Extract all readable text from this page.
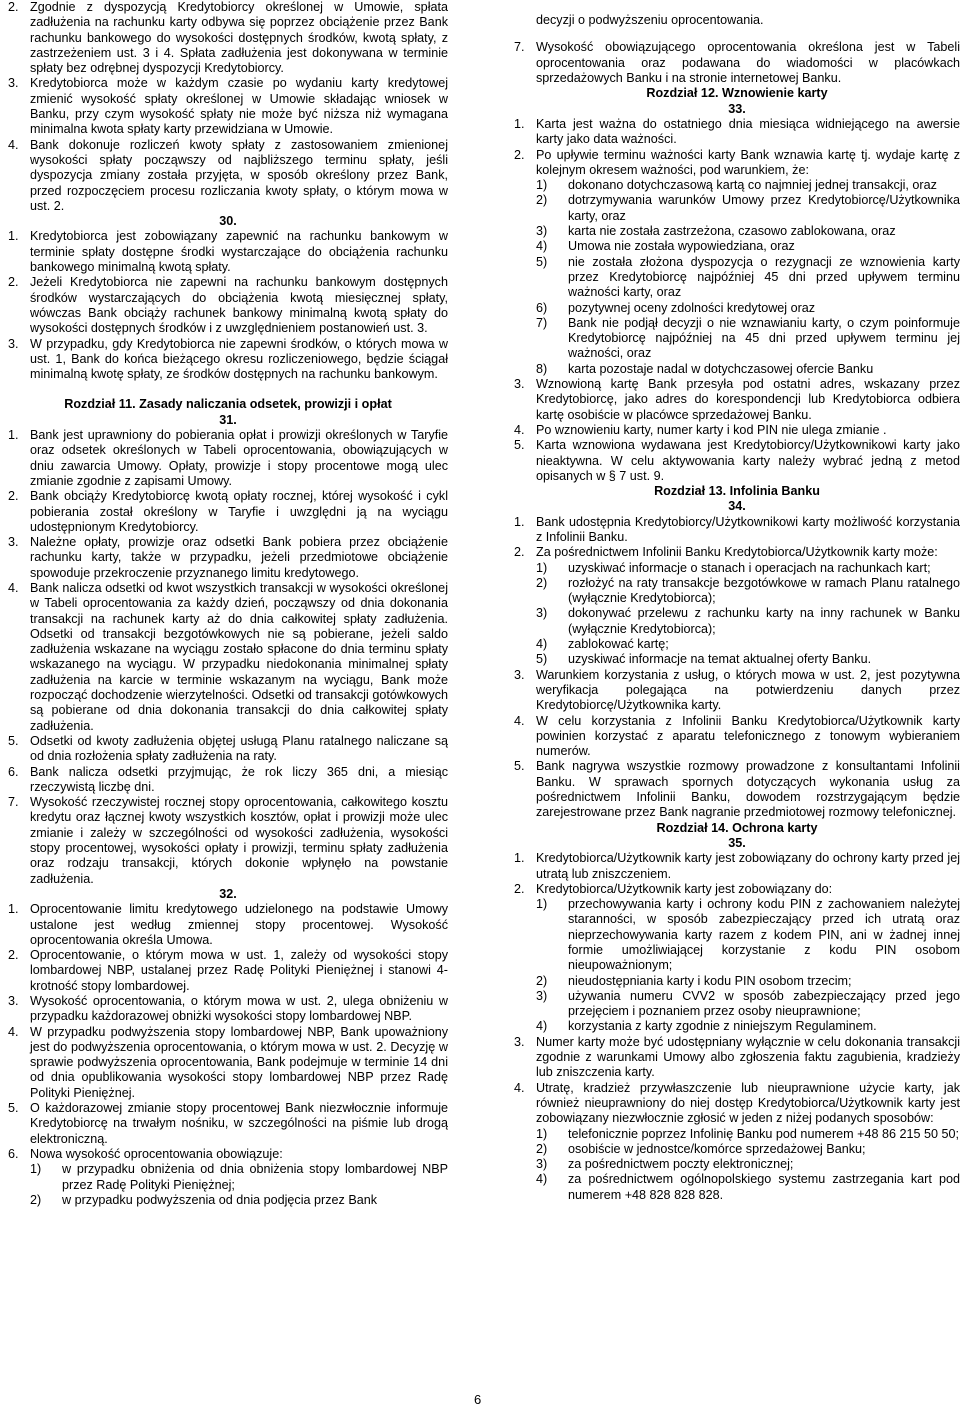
2. Zgodnie z dyspozycją Kredytobiorcy określonej w Umowie, spłata zadłużenia na rachunku karty odbywa się poprzez obciążenie przez Bank rachunku bankowego do wysokości dostępnych środków, kwotą spłaty, z zastrzeżeniem ust. 3 i 4. Spłata zadłużenia jest dokonywana w terminie spłaty bez odrębnej dyspozycji Kredytobiorcy.
3. Kredytobiorca może w każdym czasie po wydaniu karty kredytowej zmienić wysokość spłaty określonej w Umowie składając wniosek w Banku, przy czym wysokość spłaty nie może być niższa niż wymagana minimalna kwota spłaty karty przewidziana w Umowie.
4. Bank dokonuje rozliczeń kwoty spłaty z zastosowaniem zmienionej wysokości spłaty począwszy od najbliższego terminu spłaty, jeśli dyspozycja zmiany została przyjęta, w sposób określony przez Bank, przed rozpoczęciem procesu rozliczania kwoty spłaty, o którym mowa w ust. 2.

30.

1. Kredytobiorca jest zobowiązany zapewnić na rachunku bankowym w terminie spłaty dostępne środki wystarczające do obciążenia rachunku bankowego minimalną kwotą spłaty.
2. Jeżeli Kredytobiorca nie zapewni na rachunku bankowym dostępnych środków wystarczających do obciążenia kwotą miesięcznej spłaty, wówczas Bank obciąży rachunek bankowy minimalną kwotą spłaty do wysokości dostępnych środków i z uwzględnieniem postanowień ust. 3.
3. W przypadku, gdy Kredytobiorca nie zapewni środków, o których mowa w ust. 1, Bank do końca bieżącego okresu rozliczeniowego, będzie ściągał minimalną kwotę spłaty, ze środków dostępnych na rachunku bankowym.

Rozdział 11. Zasady naliczania odsetek, prowizji i opłat

31.

1. Bank jest uprawniony do pobierania opłat i prowizji określonych w Taryfie oraz odsetek określonych w Tabeli oprocentowania, obowiązujących w dniu zawarcia Umowy. Opłaty, prowizje i stopy procentowe mogą ulec zmianie zgodnie z zapisami Umowy.
2. Bank obciąży Kredytobiorcę kwotą opłaty rocznej, której wysokość i cykl pobierania został określony w Taryfie i uwzględni ją na wyciągu udostępnionym Kredytobiorcy.
3. Należne opłaty, prowizje oraz odsetki Bank pobiera przez obciążenie rachunku karty, także w przypadku, jeżeli przedmiotowe obciążenie spowoduje przekroczenie przyznanego limitu kredytowego.
4. Bank nalicza odsetki od kwot wszystkich transakcji w wysokości określonej w Tabeli oprocentowania za każdy dzień, począwszy od dnia dokonania transakcji na rachunek karty aż do dnia całkowitej spłaty zadłużenia. Odsetki od transakcji bezgotówkowych nie są pobierane, jeżeli saldo zadłużenia wskazane na wyciągu zostało spłacone do dnia terminu spłaty wskazanego na wyciągu. W przypadku niedokonania minimalnej spłaty zadłużenia na karcie w terminie wskazanym na wyciągu, Bank może rozpocząć dochodzenie wierzytelności. Odsetki od transakcji gotówkowych są pobierane od dnia dokonania transakcji do dnia całkowitej spłaty zadłużenia.
5. Odsetki od kwoty zadłużenia objętej usługą Planu ratalnego naliczane są od dnia rozłożenia spłaty zadłużenia na raty.
6. Bank nalicza odsetki przyjmując, że rok liczy 365 dni, a miesiąc rzeczywistą liczbę dni.
7. Wysokość rzeczywistej rocznej stopy oprocentowania, całkowitego kosztu kredytu oraz łącznej kwoty wszystkich kosztów, opłat i prowizji może ulec zmianie i zależy w szczególności od wysokości zadłużenia, wysokości stopy procentowej, wysokości opłaty i prowizji, terminu spłaty zadłużenia oraz rodzaju transakcji, których dokonie wpłynęło na powstanie zadłużenia.

32.

1. Oprocentowanie limitu kredytowego udzielonego na podstawie Umowy ustalone jest według zmiennej stopy procentowej. Wysokość oprocentowania określa Umowa.
2. Oprocentowanie, o którym mowa w ust. 1, zależy od wysokości stopy lombardowej NBP, ustalanej przez Radę Polityki Pieniężnej i stanowi 4-krotność stopy lombardowej.
3. Wysokość oprocentowania, o którym mowa w ust. 2, ulega obniżeniu w przypadku każdorazowej obniżki wysokości stopy lombardowej NBP.
4. W przypadku podwyższenia stopy lombardowej NBP, Bank upoważniony jest do podwyższenia oprocentowania, o którym mowa w ust. 2. Decyzję w sprawie podwyższenia oprocentowania, Bank podejmuje w terminie 14 dni od dnia opublikowania wysokości stopy lombardowej NBP przez Radę Polityki Pieniężnej.
5. O każdorazowej zmianie stopy procentowej Bank niezwłocznie informuje Kredytobiorcę na trwałym nośniku, w szczególności na piśmie lub drogą elektroniczną.
6. Nowa wysokość oprocentowania obowiązuje:
1)	w przypadku obniżenia od dnia obniżenia stopy lombardowej NBP przez Radę Polityki Pieniężnej;
2)	w przypadku podwyższenia od dnia podjęcia przez Bank

decyzji o podwyższeniu oprocentowania.

7. Wysokość obowiązującego oprocentowania określona jest w Tabeli oprocentowania oraz podawana do wiadomości w placówkach sprzedażowych Banku i na stronie internetowej Banku.

Rozdział 12. Wznowienie karty

33.

1. Karta jest ważna do ostatniego dnia miesiąca widniejącego na awersie karty jako data ważności.
2. Po upływie terminu ważności karty Bank wznawia kartę tj. wydaje kartę z kolejnym okresem ważności, pod warunkiem, że:
1)	dokonano dotychczasową kartą co najmniej jednej transakcji, oraz
2)	dotrzymywania warunków Umowy przez Kredytobiorcę/Użytkownika karty, oraz
3)	karta nie została zastrzeżona, czasowo zablokowana, oraz
4)	Umowa nie została wypowiedziana, oraz
5)	nie została złożona dyspozycja o rezygnacji ze wznowienia karty przez Kredytobiorcę najpóźniej 45 dni przed upływem terminu ważności karty, oraz
6)	pozytywnej oceny zdolności kredytowej oraz
7)	Bank nie podjął decyzji o nie wznawianiu karty, o czym poinformuje Kredytobiorcę najpóźniej na 45 dni przed upływem terminu jej ważności, oraz
8)	karta pozostaje nadal w dotychczasowej ofercie Banku
3. Wznowioną kartę Bank przesyła pod ostatni adres, wskazany przez Kredytobiorcę, jako adres do korespondencji lub Kredytobiorca odbiera kartę osobiście w placówce sprzedażowej Banku.
4. Po wznowieniu karty, numer karty i kod PIN nie ulega zmianie .
5. Karta wznowiona wydawana jest Kredytobiorcy/Użytkownikowi karty jako nieaktywna. W celu aktywowania karty należy wybrać jedną z metod opisanych w § 7 ust. 9.

Rozdział 13. Infolinia Banku

34.

1. Bank udostępnia Kredytobiorcy/Użytkownikowi karty możliwość korzystania z Infolinii Banku.
2. Za pośrednictwem Infolinii Banku Kredytobiorca/Użytkownik karty może:
1)	uzyskiwać informacje o stanach i operacjach na rachunkach kart;
2)	rozłożyć na raty transakcje bezgotówkowe w ramach Planu ratalnego (wyłącznie Kredytobiorca);
3)	dokonywać przelewu z rachunku karty na inny rachunek w Banku (wyłącznie Kredytobiorca);
4)	zablokować kartę;
5)	uzyskiwać informacje na temat aktualnej oferty Banku.
3. Warunkiem korzystania z usług, o których mowa w ust. 2, jest pozytywna weryfikacja polegająca na potwierdzeniu danych przez Kredytobiorcę/Użytkownika karty.
4. W celu korzystania z Infolinii Banku Kredytobiorca/Użytkownik karty powinien korzystać z aparatu telefonicznego z tonowym wybieraniem numerów.
5. Bank nagrywa wszystkie rozmowy prowadzone z konsultantami Infolinii Banku. W sprawach spornych dotyczących wykonania usług za pośrednictwem Infolinii Banku, dowodem rozstrzygającym będzie zarejestrowane przez Bank nagranie przedmiotowej rozmowy telefonicznej.

Rozdział 14. Ochrona karty

35.

1. Kredytobiorca/Użytkownik karty jest zobowiązany do ochrony karty przed jej utratą lub zniszczeniem.
2. Kredytobiorca/Użytkownik karty jest zobowiązany do:
1)	przechowywania karty i ochrony kodu PIN z zachowaniem należytej staranności, w sposób zabezpieczający przed ich utratą oraz nieprzechowywania karty razem z kodem PIN, ani w żadnej innej formie umożliwiającej korzystanie z kodu PIN osobom nieupoważnionym;
2)	nieudostępniania karty i kodu PIN osobom trzecim;
3)	używania numeru CVV2 w sposób zabezpieczający przed jego przejęciem i poznaniem przez osoby nieuprawnione;
4)	korzystania z karty zgodnie z niniejszym Regulaminem.
3. Numer karty może być udostępniany wyłącznie w celu dokonania transakcji zgodnie z warunkami Umowy albo zgłoszenia faktu zagubienia, kradzieży lub zniszczenia karty.
4. Utratę, kradzież przywłaszczenie lub nieuprawnione użycie karty, jak również nieuprawniony do niej dostęp Kredytobiorca/Użytkownik karty jest zobowiązany niezwłocznie zgłosić w jeden z niżej podanych sposobów:
1)	telefonicznie poprzez Infolinię Banku pod numerem +48 86 215 50 50;
2)	osobiście w jednostce/komórce sprzedażowej Banku;
3)	za pośrednictwem poczty elektronicznej;
4)	za pośrednictwem ogólnopolskiego systemu zastrzegania kart pod numerem +48 828 828 828.
6
